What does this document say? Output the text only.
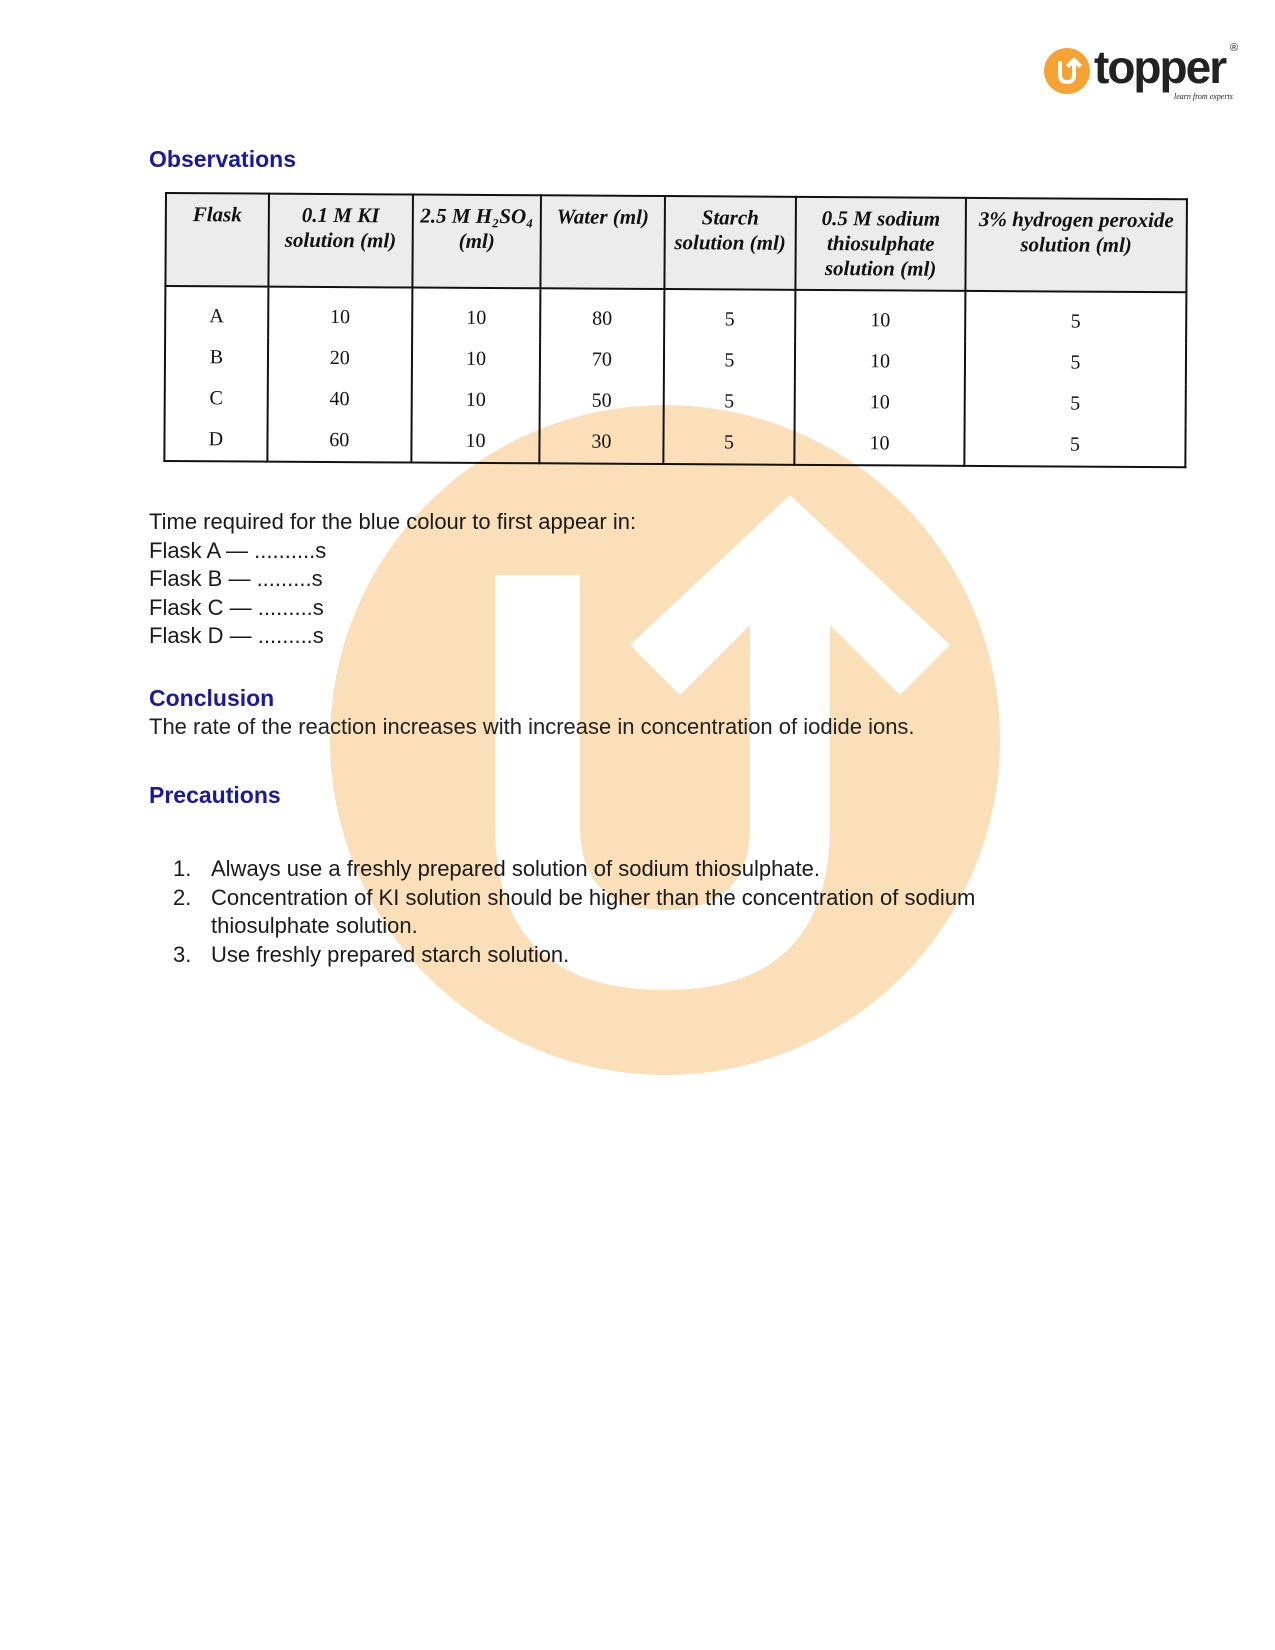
topper ®
learn from experts
Observations
Flask	0.1 M KI solution (ml)	2.5 M H₂SO₄ (ml)	Water (ml)	Starch solution (ml)	0.5 M sodium thiosulphate solution (ml)	3% hydrogen peroxide solution (ml)
A	10	10	80	5	10	5
B	20	10	70	5	10	5
C	40	10	50	5	10	5
D	60	10	30	5	10	5
Time required for the blue colour to first appear in:
Flask A — ..........s
Flask B — .........s
Flask C — .........s
Flask D — .........s
Conclusion
The rate of the reaction increases with increase in concentration of iodide ions.
Precautions
1. Always use a freshly prepared solution of sodium thiosulphate.
2. Concentration of KI solution should be higher than the concentration of sodium thiosulphate solution.
3. Use freshly prepared starch solution.
